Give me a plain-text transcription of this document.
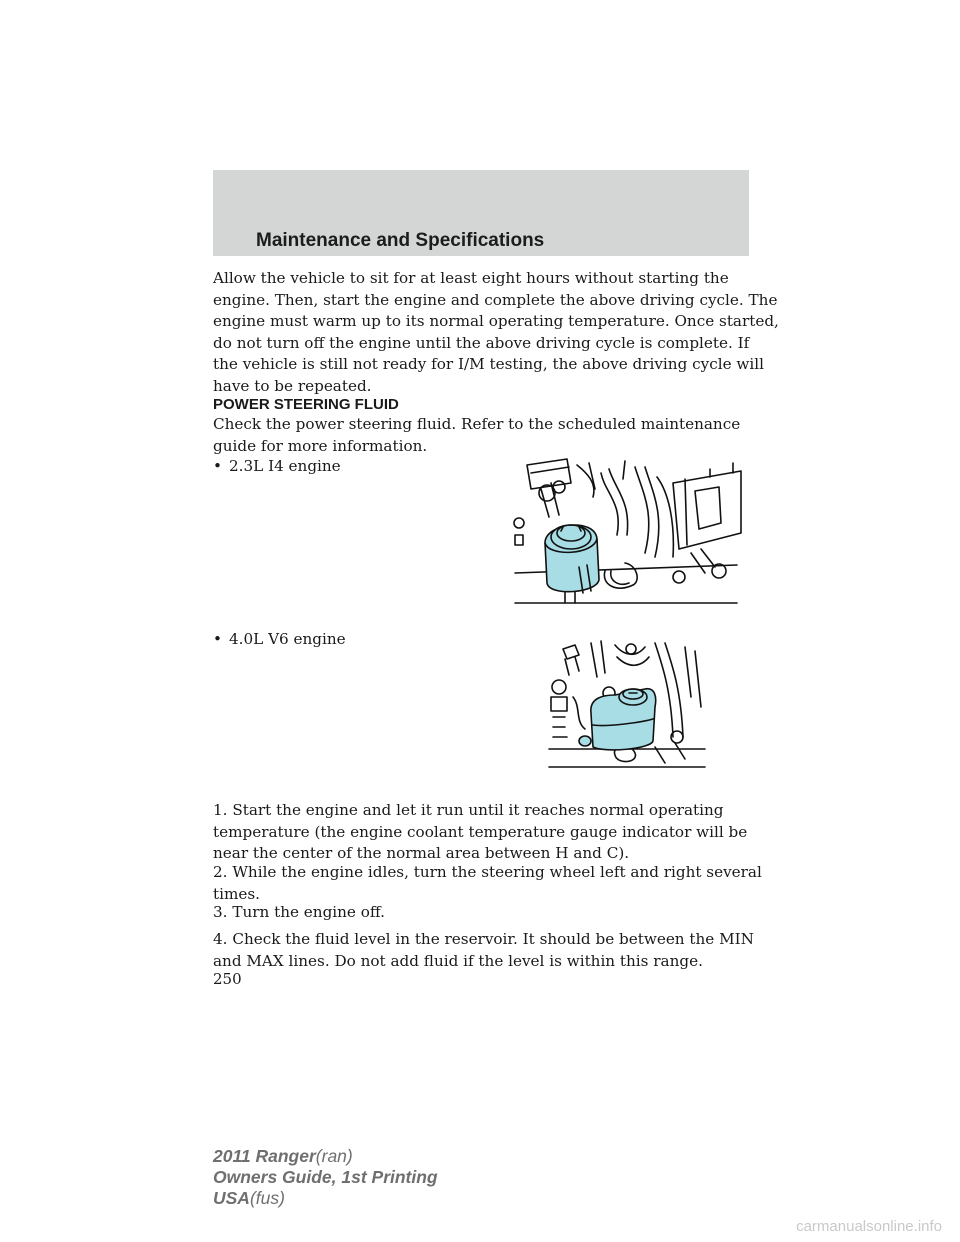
Maintenance and Specifications

Allow the vehicle to sit for at least eight hours without starting the
engine. Then, start the engine and complete the above driving cycle. The
engine must warm up to its normal operating temperature. Once started,
do not turn off the engine until the above driving cycle is complete. If
the vehicle is still not ready for I/M testing, the above driving cycle will
have to be repeated.

POWER STEERING FLUID

Check the power steering fluid. Refer to the scheduled maintenance
guide for more information.

• 2.3L I4 engine
• 4.0L V6 engine

1. Start the engine and let it run until it reaches normal operating
temperature (the engine coolant temperature gauge indicator will be
near the center of the normal area between H and C).

2. While the engine idles, turn the steering wheel left and right several
times.

3. Turn the engine off.

4. Check the fluid level in the reservoir. It should be between the MIN
and MAX lines. Do not add fluid if the level is within this range.

250
2011 Ranger(ran)
Owners Guide, 1st Printing
USA(fus)
carmanualsonline.info
